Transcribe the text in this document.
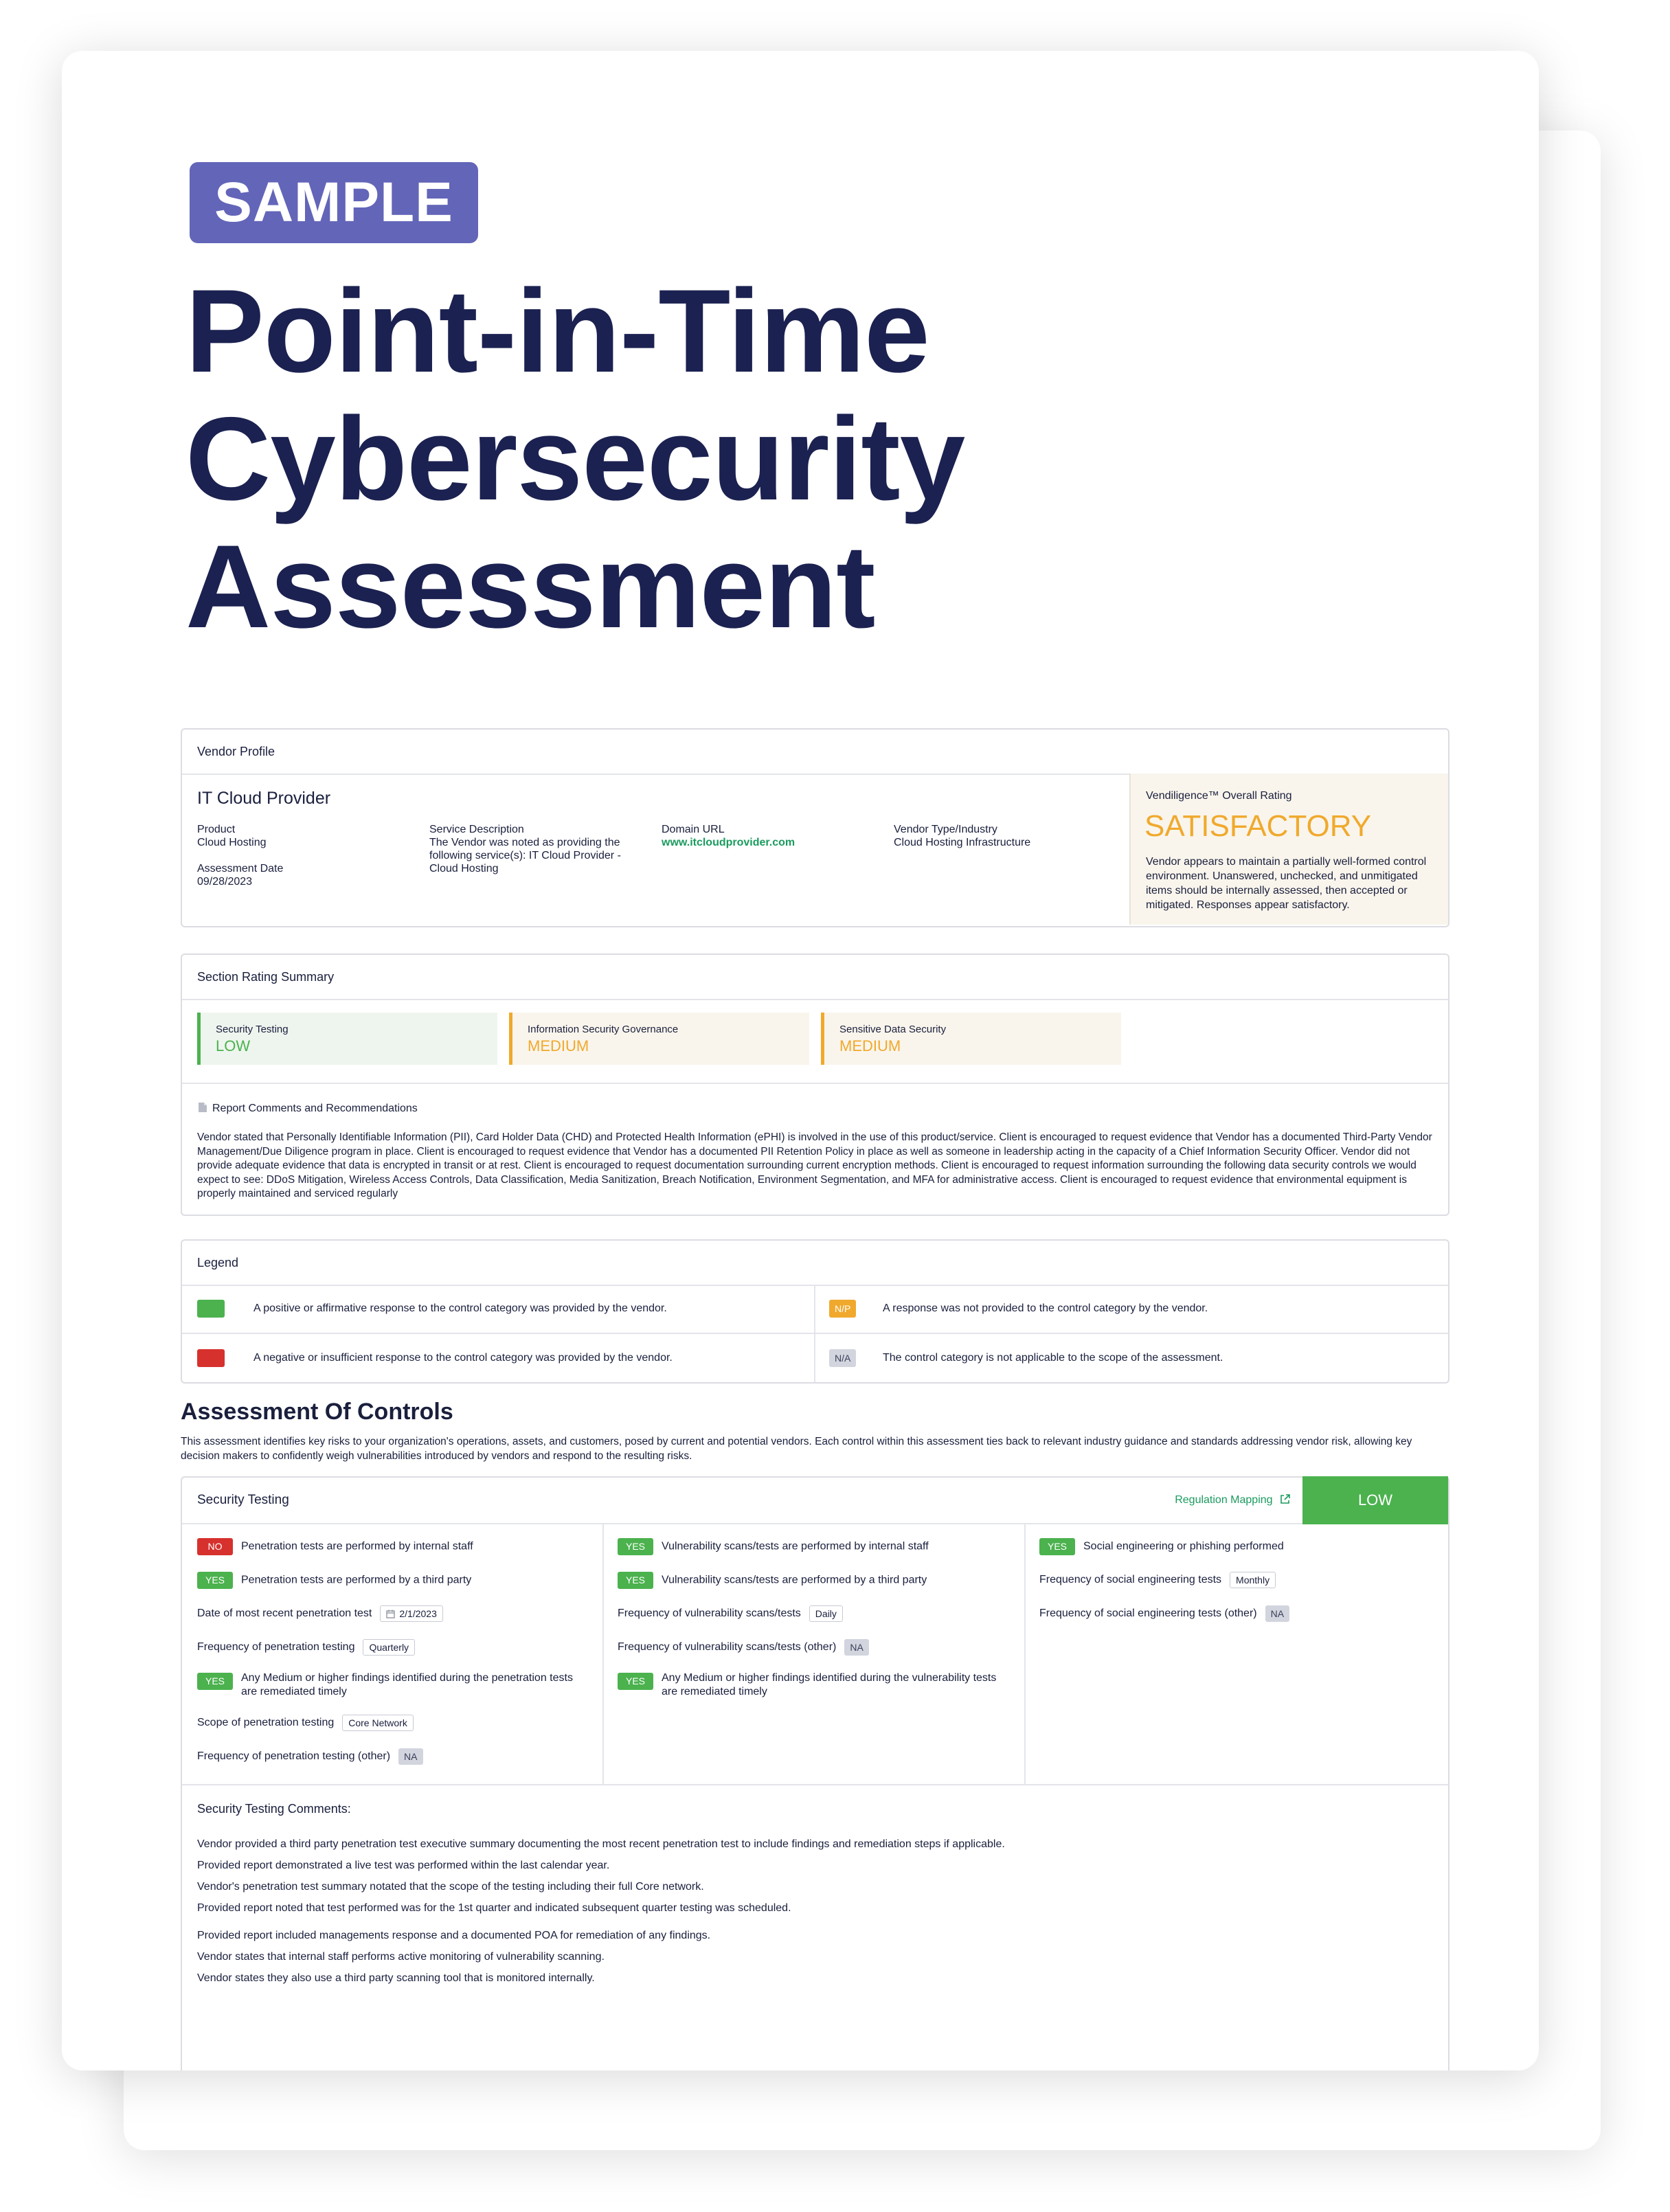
SAMPLE
Point-in-Time
Cybersecurity
Assessment
Vendor Profile
IT Cloud Provider
Product
Cloud Hosting
Assessment Date
09/28/2023
Service Description
The Vendor was noted as providing the following service(s): IT Cloud Provider - Cloud Hosting
Domain URL
www.itcloudprovider.com
Vendor Type/Industry
Cloud Hosting Infrastructure
Vendiligence™ Overall Rating
SATISFACTORY
Vendor appears to maintain a partially well-formed control environment. Unanswered, unchecked, and unmitigated items should be internally assessed, then accepted or mitigated. Responses appear satisfactory.
Section Rating Summary
Security Testing
LOW
Information Security Governance
MEDIUM
Sensitive Data Security
MEDIUM
Report Comments and Recommendations
Vendor stated that Personally Identifiable Information (PII), Card Holder Data (CHD) and Protected Health Information (ePHI) is involved in the use of this product/service. Client is encouraged to request evidence that Vendor has a documented Third-Party Vendor Management/Due Diligence program in place. Client is encouraged to request evidence that Vendor has a documented PII Retention Policy in place as well as someone in leadership acting in the capacity of a Chief Information Security Officer. Vendor did not provide adequate evidence that data is encrypted in transit or at rest. Client is encouraged to request documentation surrounding current encryption methods. Client is encouraged to request information surrounding the following data security controls we would expect to see: DDoS Mitigation, Wireless Access Controls, Data Classification, Media Sanitization, Breach Notification, Environment Segmentation, and MFA for administrative access. Client is encouraged to request evidence that environmental equipment is properly maintained and serviced regularly
Legend
A positive or affirmative response to the control category was provided by the vendor.	N/P	A response was not provided to the control category by the vendor.
A negative or insufficient response to the control category was provided by the vendor.	N/A	The control category is not applicable to the scope of the assessment.
Assessment Of Controls
This assessment identifies key risks to your organization's operations, assets, and customers, posed by current and potential vendors. Each control within this assessment ties back to relevant industry guidance and standards addressing vendor risk, allowing key decision makers to confidently weigh vulnerabilities introduced by vendors and respond to the resulting risks.
Security Testing	Regulation Mapping	LOW
NO Penetration tests are performed by internal staff
YES Penetration tests are performed by a third party
Date of most recent penetration test	2/1/2023
Frequency of penetration testing Quarterly
YES Any Medium or higher findings identified during the penetration tests are remediated timely
Scope of penetration testing Core Network
Frequency of penetration testing (other) NA
YES Vulnerability scans/tests are performed by internal staff
YES Vulnerability scans/tests are performed by a third party
Frequency of vulnerability scans/tests Daily
Frequency of vulnerability scans/tests (other) NA
YES Any Medium or higher findings identified during the vulnerability tests are remediated timely
YES Social engineering or phishing performed
Frequency of social engineering tests Monthly
Frequency of social engineering tests (other) NA
Security Testing Comments:
Vendor provided a third party penetration test executive summary documenting the most recent penetration test to include findings and remediation steps if applicable.
Provided report demonstrated a live test was performed within the last calendar year.
Vendor's penetration test summary notated that the scope of the testing including their full Core network.
Provided report noted that test performed was for the 1st quarter and indicated subsequent quarter testing was scheduled.
Provided report included managements response and a documented POA for remediation of any findings.
Vendor states that internal staff performs active monitoring of vulnerability scanning.
Vendor states they also use a third party scanning tool that is monitored internally.
